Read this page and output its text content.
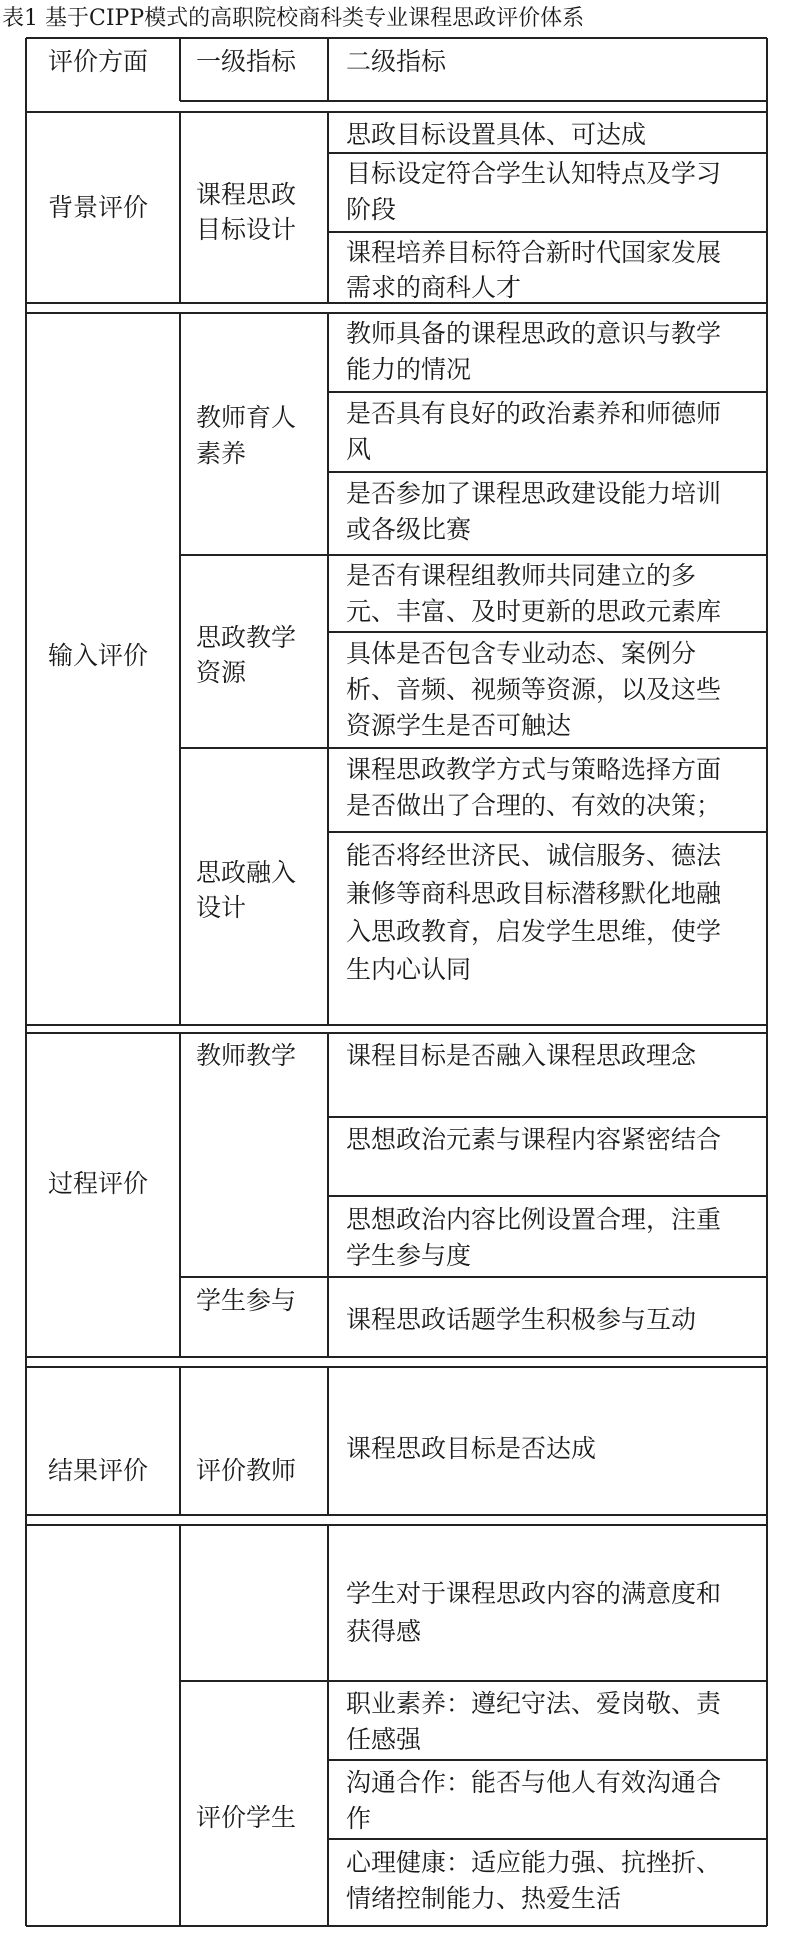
表1 基于CIPP模式的高职院校商科类专业课程思政评价体系
评价方面 一级指标 二级指标
背景评价
输入评价
过程评价
结果评价
课程思政
目标设计
教师育人
素养
思政教学
资源
思政融入
设计
教师教学
学生参与
评价教师
评价学生
思政目标设置具体、可达成
目标设定符合学生认知特点及学习
阶段
课程培养目标符合新时代国家发展
需求的商科人才
教师具备的课程思政的意识与教学
能力的情况
是否具有良好的政治素养和师德师
风
是否参加了课程思政建设能力培训
或各级比赛
是否有课程组教师共同建立的多
元、丰富、及时更新的思政元素库
具体是否包含专业动态、案例分
析、音频、视频等资源，以及这些
资源学生是否可触达
课程思政教学方式与策略选择方面
是否做出了合理的、有效的决策；
能否将经世济民、诚信服务、德法
兼修等商科思政目标潜移默化地融
入思政教育，启发学生思维，使学
生内心认同
课程目标是否融入课程思政理念
思想政治元素与课程内容紧密结合
思想政治内容比例设置合理，注重
学生参与度
课程思政话题学生积极参与互动
课程思政目标是否达成
学生对于课程思政内容的满意度和
获得感
职业素养：遵纪守法、爱岗敬、责
任感强
沟通合作：能否与他人有效沟通合
作
心理健康：适应能力强、抗挫折、
情绪控制能力、热爱生活
